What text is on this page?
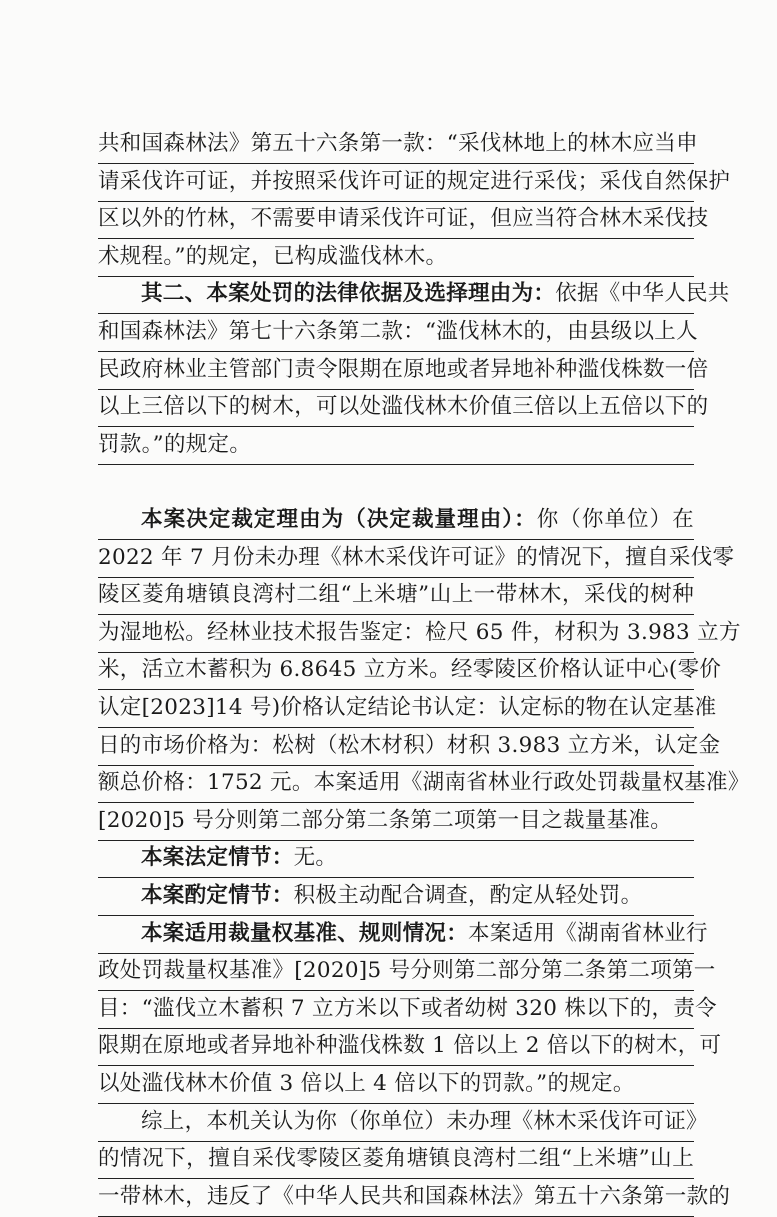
共和国森林法》第五十六条第一款：“采伐林地上的林木应当申
请采伐许可证，并按照采伐许可证的规定进行采伐；采伐自然保护
区以外的竹林，不需要申请采伐许可证，但应当符合林木采伐技
术规程。”的规定，已构成滥伐林木。
其二、本案处罚的法律依据及选择理由为：依据《中华人民共
和国森林法》第七十六条第二款：“滥伐林木的，由县级以上人
民政府林业主管部门责令限期在原地或者异地补种滥伐株数一倍
以上三倍以下的树木，可以处滥伐林木价值三倍以上五倍以下的
罚款。”的规定。
本案决定裁定理由为（决定裁量理由）：你（你单位）在
2022 年 7 月份未办理《林木采伐许可证》的情况下，擅自采伐零
陵区菱角塘镇良湾村二组“上米塘”山上一带林木，采伐的树种
为湿地松。经林业技术报告鉴定：检尺 65 件，材积为 3.983 立方
米，活立木蓄积为 6.8645 立方米。经零陵区价格认证中心(零价
认定[2023]14 号)价格认定结论书认定：认定标的物在认定基准
日的市场价格为：松树（松木材积）材积 3.983 立方米，认定金
额总价格：1752 元。本案适用《湖南省林业行政处罚裁量权基准》
[2020]5 号分则第二部分第二条第二项第一目之裁量基准。
本案法定情节：无。
本案酌定情节：积极主动配合调查，酌定从轻处罚。
本案适用裁量权基准、规则情况：本案适用《湖南省林业行
政处罚裁量权基准》[2020]5 号分则第二部分第二条第二项第一
目：“滥伐立木蓄积 7 立方米以下或者幼树 320 株以下的，责令
限期在原地或者异地补种滥伐株数 1 倍以上 2 倍以下的树木，可
以处滥伐林木价值 3 倍以上 4 倍以下的罚款。”的规定。
综上，本机关认为你（你单位）未办理《林木采伐许可证》
的情况下，擅自采伐零陵区菱角塘镇良湾村二组“上米塘”山上
一带林木，违反了《中华人民共和国森林法》第五十六条第一款的
